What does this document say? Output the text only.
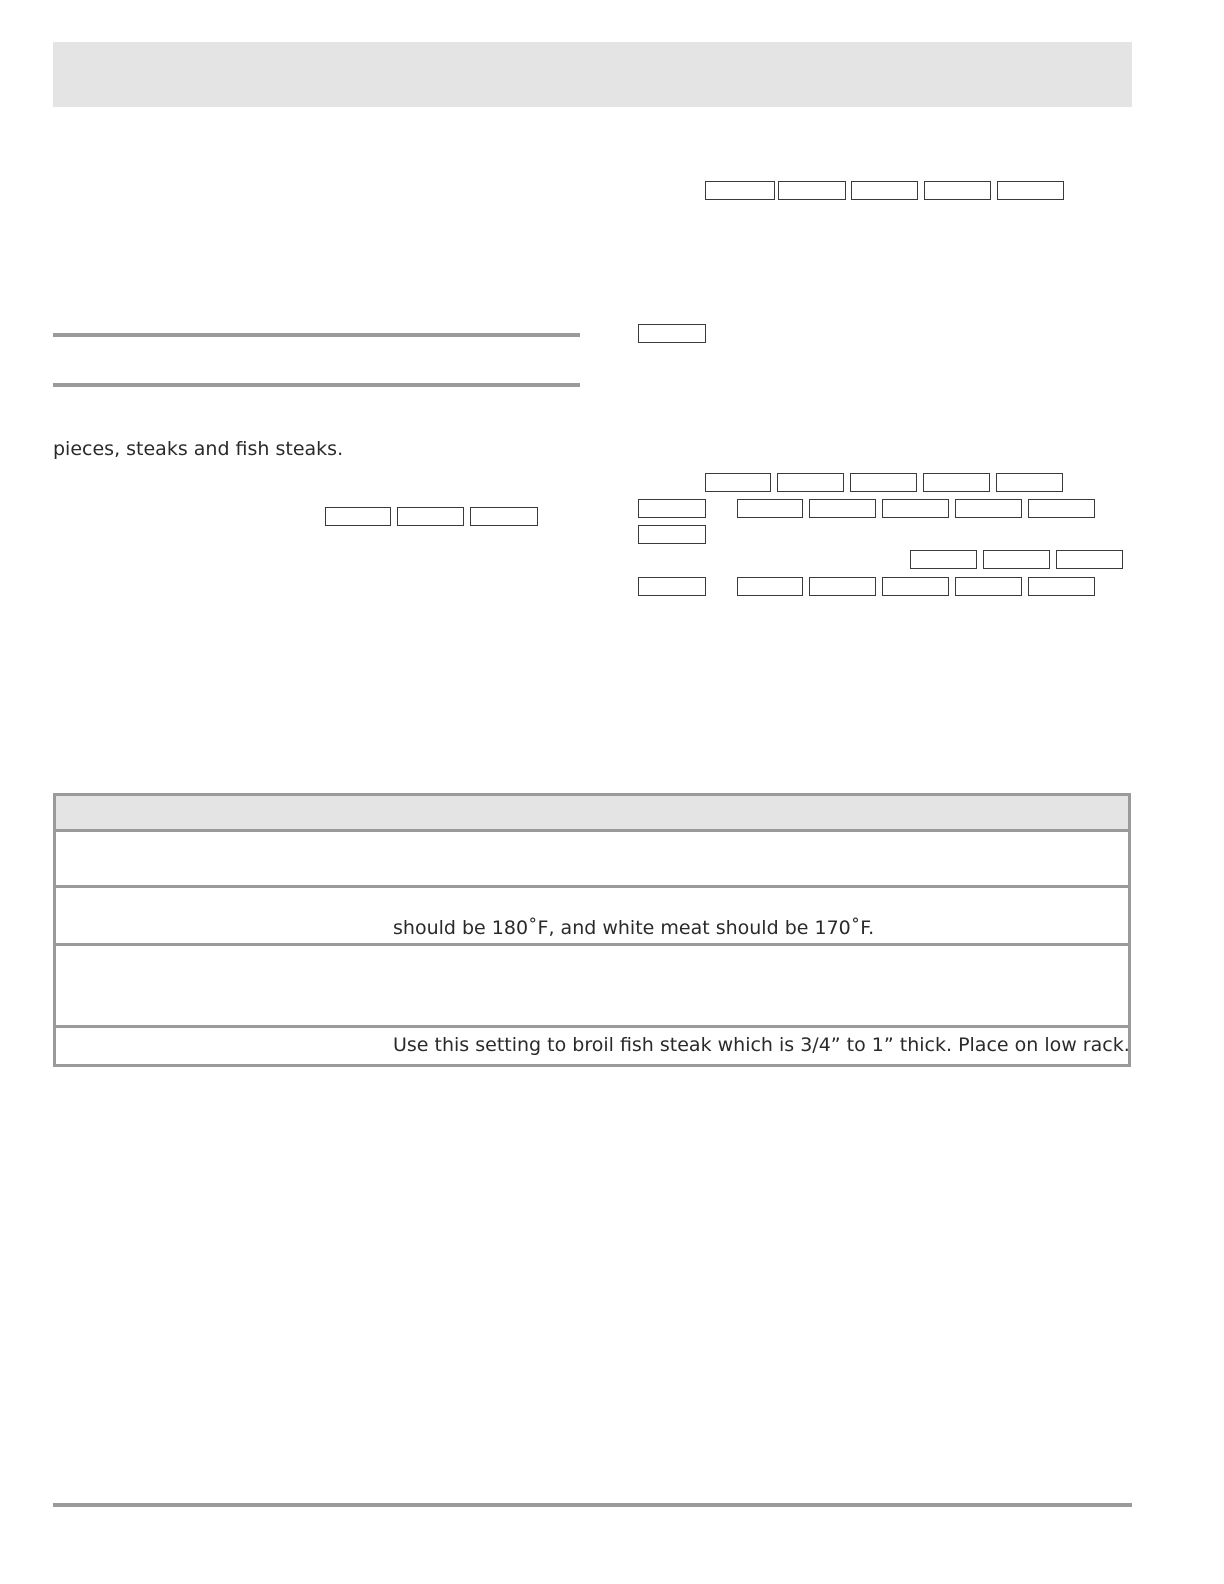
pieces, steaks and fish steaks.
should be 180˚F, and white meat should be 170˚F.
Use this setting to broil fish steak which is 3/4” to 1” thick. Place on low rack.
